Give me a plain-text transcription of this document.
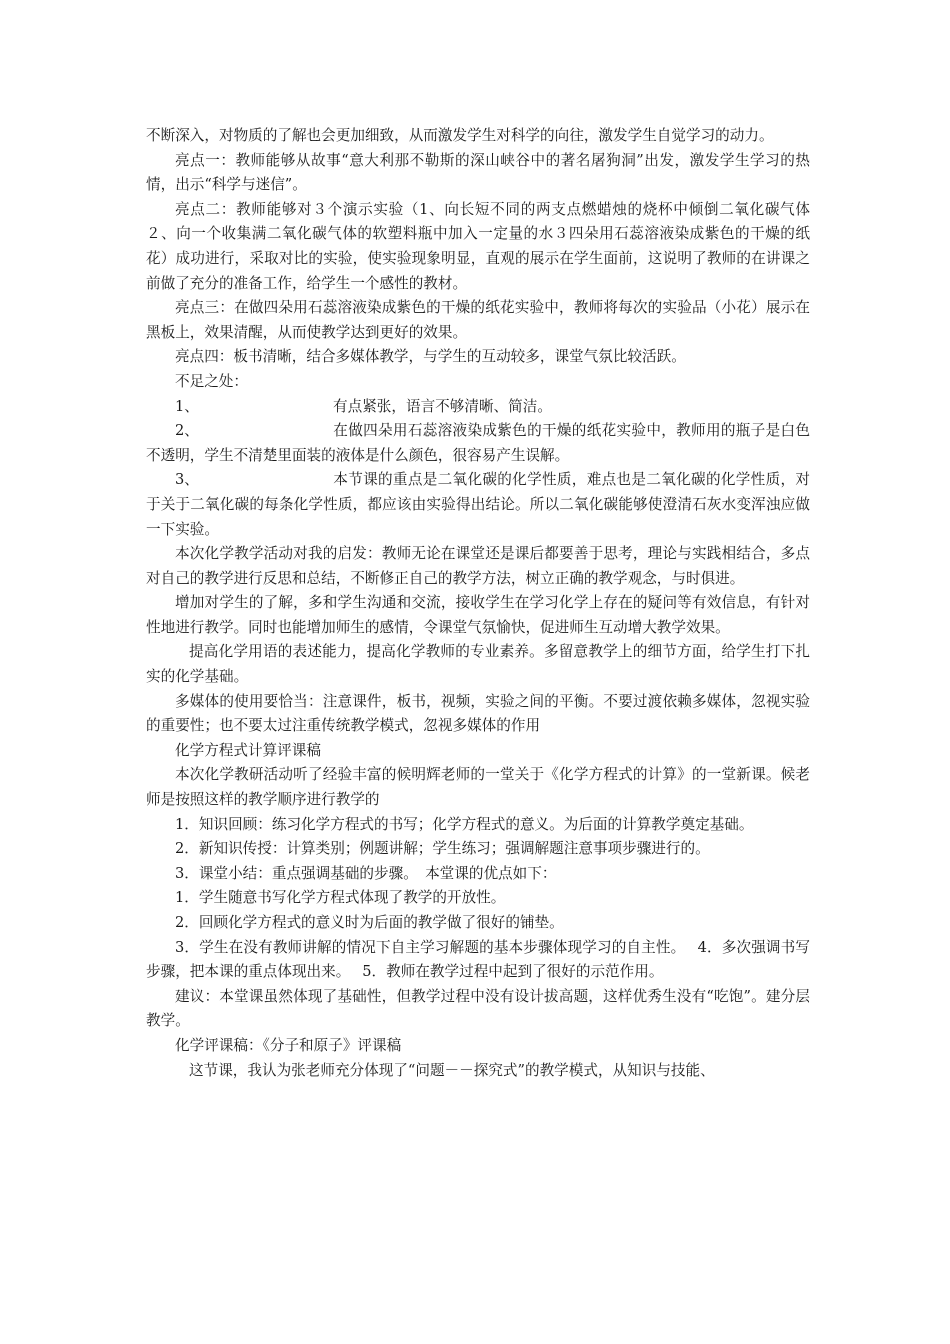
不断深入，对物质的了解也会更加细致，从而激发学生对科学的向往，激发学生自觉学习的动力。

亮点一：教师能够从故事“意大利那不勒斯的深山峡谷中的著名屠狗洞”出发，激发学生学习的热情，出示“科学与迷信”。

亮点二：教师能够对３个演示实验（1、向长短不同的两支点燃蜡烛的烧杯中倾倒二氧化碳气体２、向一个收集满二氧化碳气体的软塑料瓶中加入一定量的水３四朵用石蕊溶液染成紫色的干燥的纸花）成功进行，采取对比的实验，使实验现象明显，直观的展示在学生面前，这说明了教师的在讲课之前做了充分的准备工作，给学生一个感性的教材。

亮点三：在做四朵用石蕊溶液染成紫色的干燥的纸花实验中，教师将每次的实验品（小花）展示在黑板上，效果清醒，从而使教学达到更好的效果。

亮点四：板书清晰，结合多媒体教学，与学生的互动较多，课堂气氛比较活跃。

不足之处：

1、	有点紧张，语言不够清晰、简洁。

2、	在做四朵用石蕊溶液染成紫色的干燥的纸花实验中，教师用的瓶子是白色不透明，学生不清楚里面装的液体是什么颜色，很容易产生误解。

3、	本节课的重点是二氧化碳的化学性质，难点也是二氧化碳的化学性质，对于关于二氧化碳的每条化学性质，都应该由实验得出结论。所以二氧化碳能够使澄清石灰水变浑浊应做一下实验。

本次化学教学活动对我的启发：教师无论在课堂还是课后都要善于思考，理论与实践相结合，多点对自己的教学进行反思和总结，不断修正自己的教学方法，树立正确的教学观念，与时俱进。

增加对学生的了解，多和学生沟通和交流，接收学生在学习化学上存在的疑问等有效信息，有针对性地进行教学。同时也能增加师生的感情，令课堂气氛愉快，促进师生互动增大教学效果。

提高化学用语的表述能力，提高化学教师的专业素养。多留意教学上的细节方面，给学生打下扎实的化学基础。

多媒体的使用要恰当：注意课件，板书，视频，实验之间的平衡。不要过渡依赖多媒体，忽视实验的重要性；也不要太过注重传统教学模式，忽视多媒体的作用

化学方程式计算评课稿

本次化学教研活动听了经验丰富的候明辉老师的一堂关于《化学方程式的计算》的一堂新课。候老师是按照这样的教学顺序进行教学的

1．知识回顾：练习化学方程式的书写；化学方程式的意义。为后面的计算教学奠定基础。

2．新知识传授：计算类别；例题讲解；学生练习；强调解题注意事项步骤进行的。

3．课堂小结：重点强调基础的步骤。　本堂课的优点如下：

1．学生随意书写化学方程式体现了教学的开放性。

2．回顾化学方程式的意义时为后面的教学做了很好的铺垫。

3．学生在没有教师讲解的情况下自主学习解题的基本步骤体现学习的自主性。　 4．多次强调书写步骤，把本课的重点体现出来。　 5．教师在教学过程中起到了很好的示范作用。

建议：本堂课虽然体现了基础性，但教学过程中没有设计拔高题，这样优秀生没有“吃饱”。建分层教学。

化学评课稿：《分子和原子》评课稿

这节课，我认为张老师充分体现了“问题－－探究式”的教学模式，从知识与技能、
